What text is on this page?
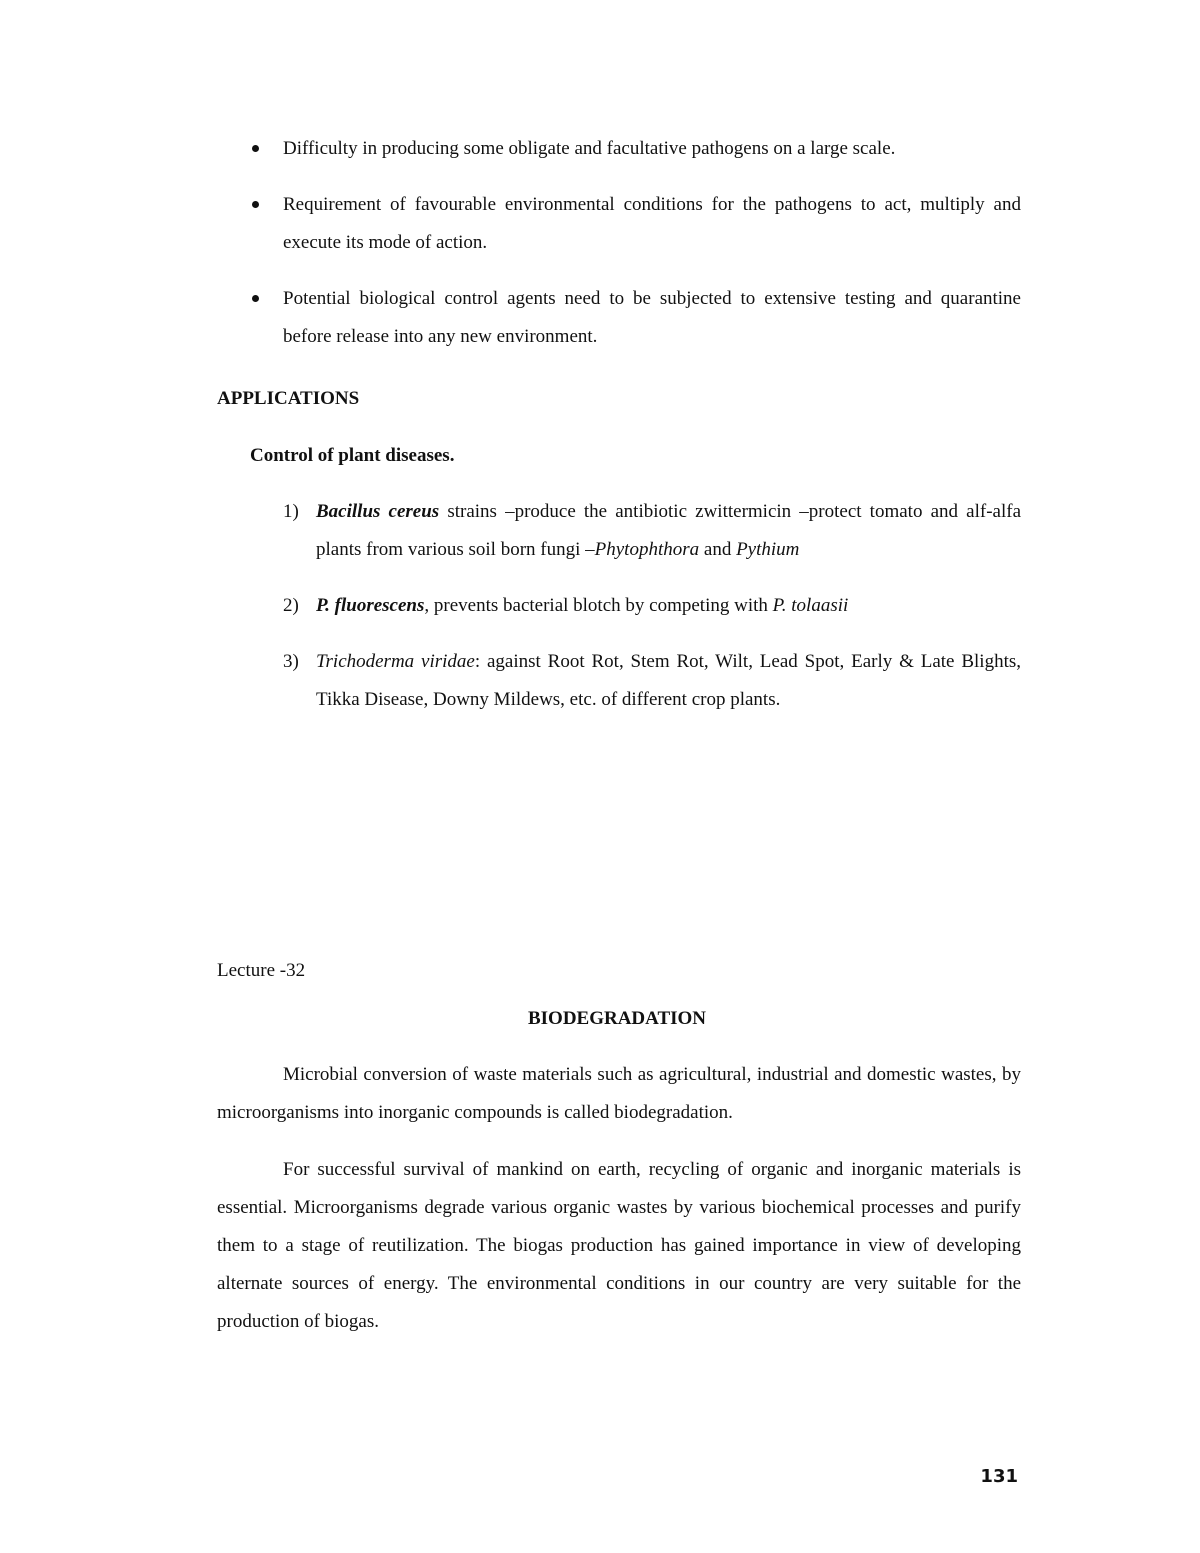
Difficulty in producing some obligate and facultative pathogens on a large scale.
Requirement of favourable environmental conditions for the pathogens to act, multiply and execute its mode of action.
Potential biological control agents need to be subjected to extensive testing and quarantine before release into any new environment.
APPLICATIONS
Control of plant diseases.
1) Bacillus cereus strains –produce the antibiotic zwittermicin –protect tomato and alf-alfa plants from various soil born fungi –Phytophthora and Pythium
2) P. fluorescens, prevents bacterial blotch by competing with P. tolaasii
3) Trichoderma viridae: against Root Rot, Stem Rot, Wilt, Lead Spot, Early & Late Blights, Tikka Disease, Downy Mildews, etc. of different crop plants.
Lecture -32
BIODEGRADATION

Microbial conversion of waste materials such as agricultural, industrial and domestic wastes, by microorganisms into inorganic compounds is called biodegradation.

For successful survival of mankind on earth, recycling of organic and inorganic materials is essential. Microorganisms degrade various organic wastes by various biochemical processes and purify them to a stage of reutilization. The biogas production has gained importance in view of developing alternate sources of energy. The environmental conditions in our country are very suitable for the production of biogas.

131
